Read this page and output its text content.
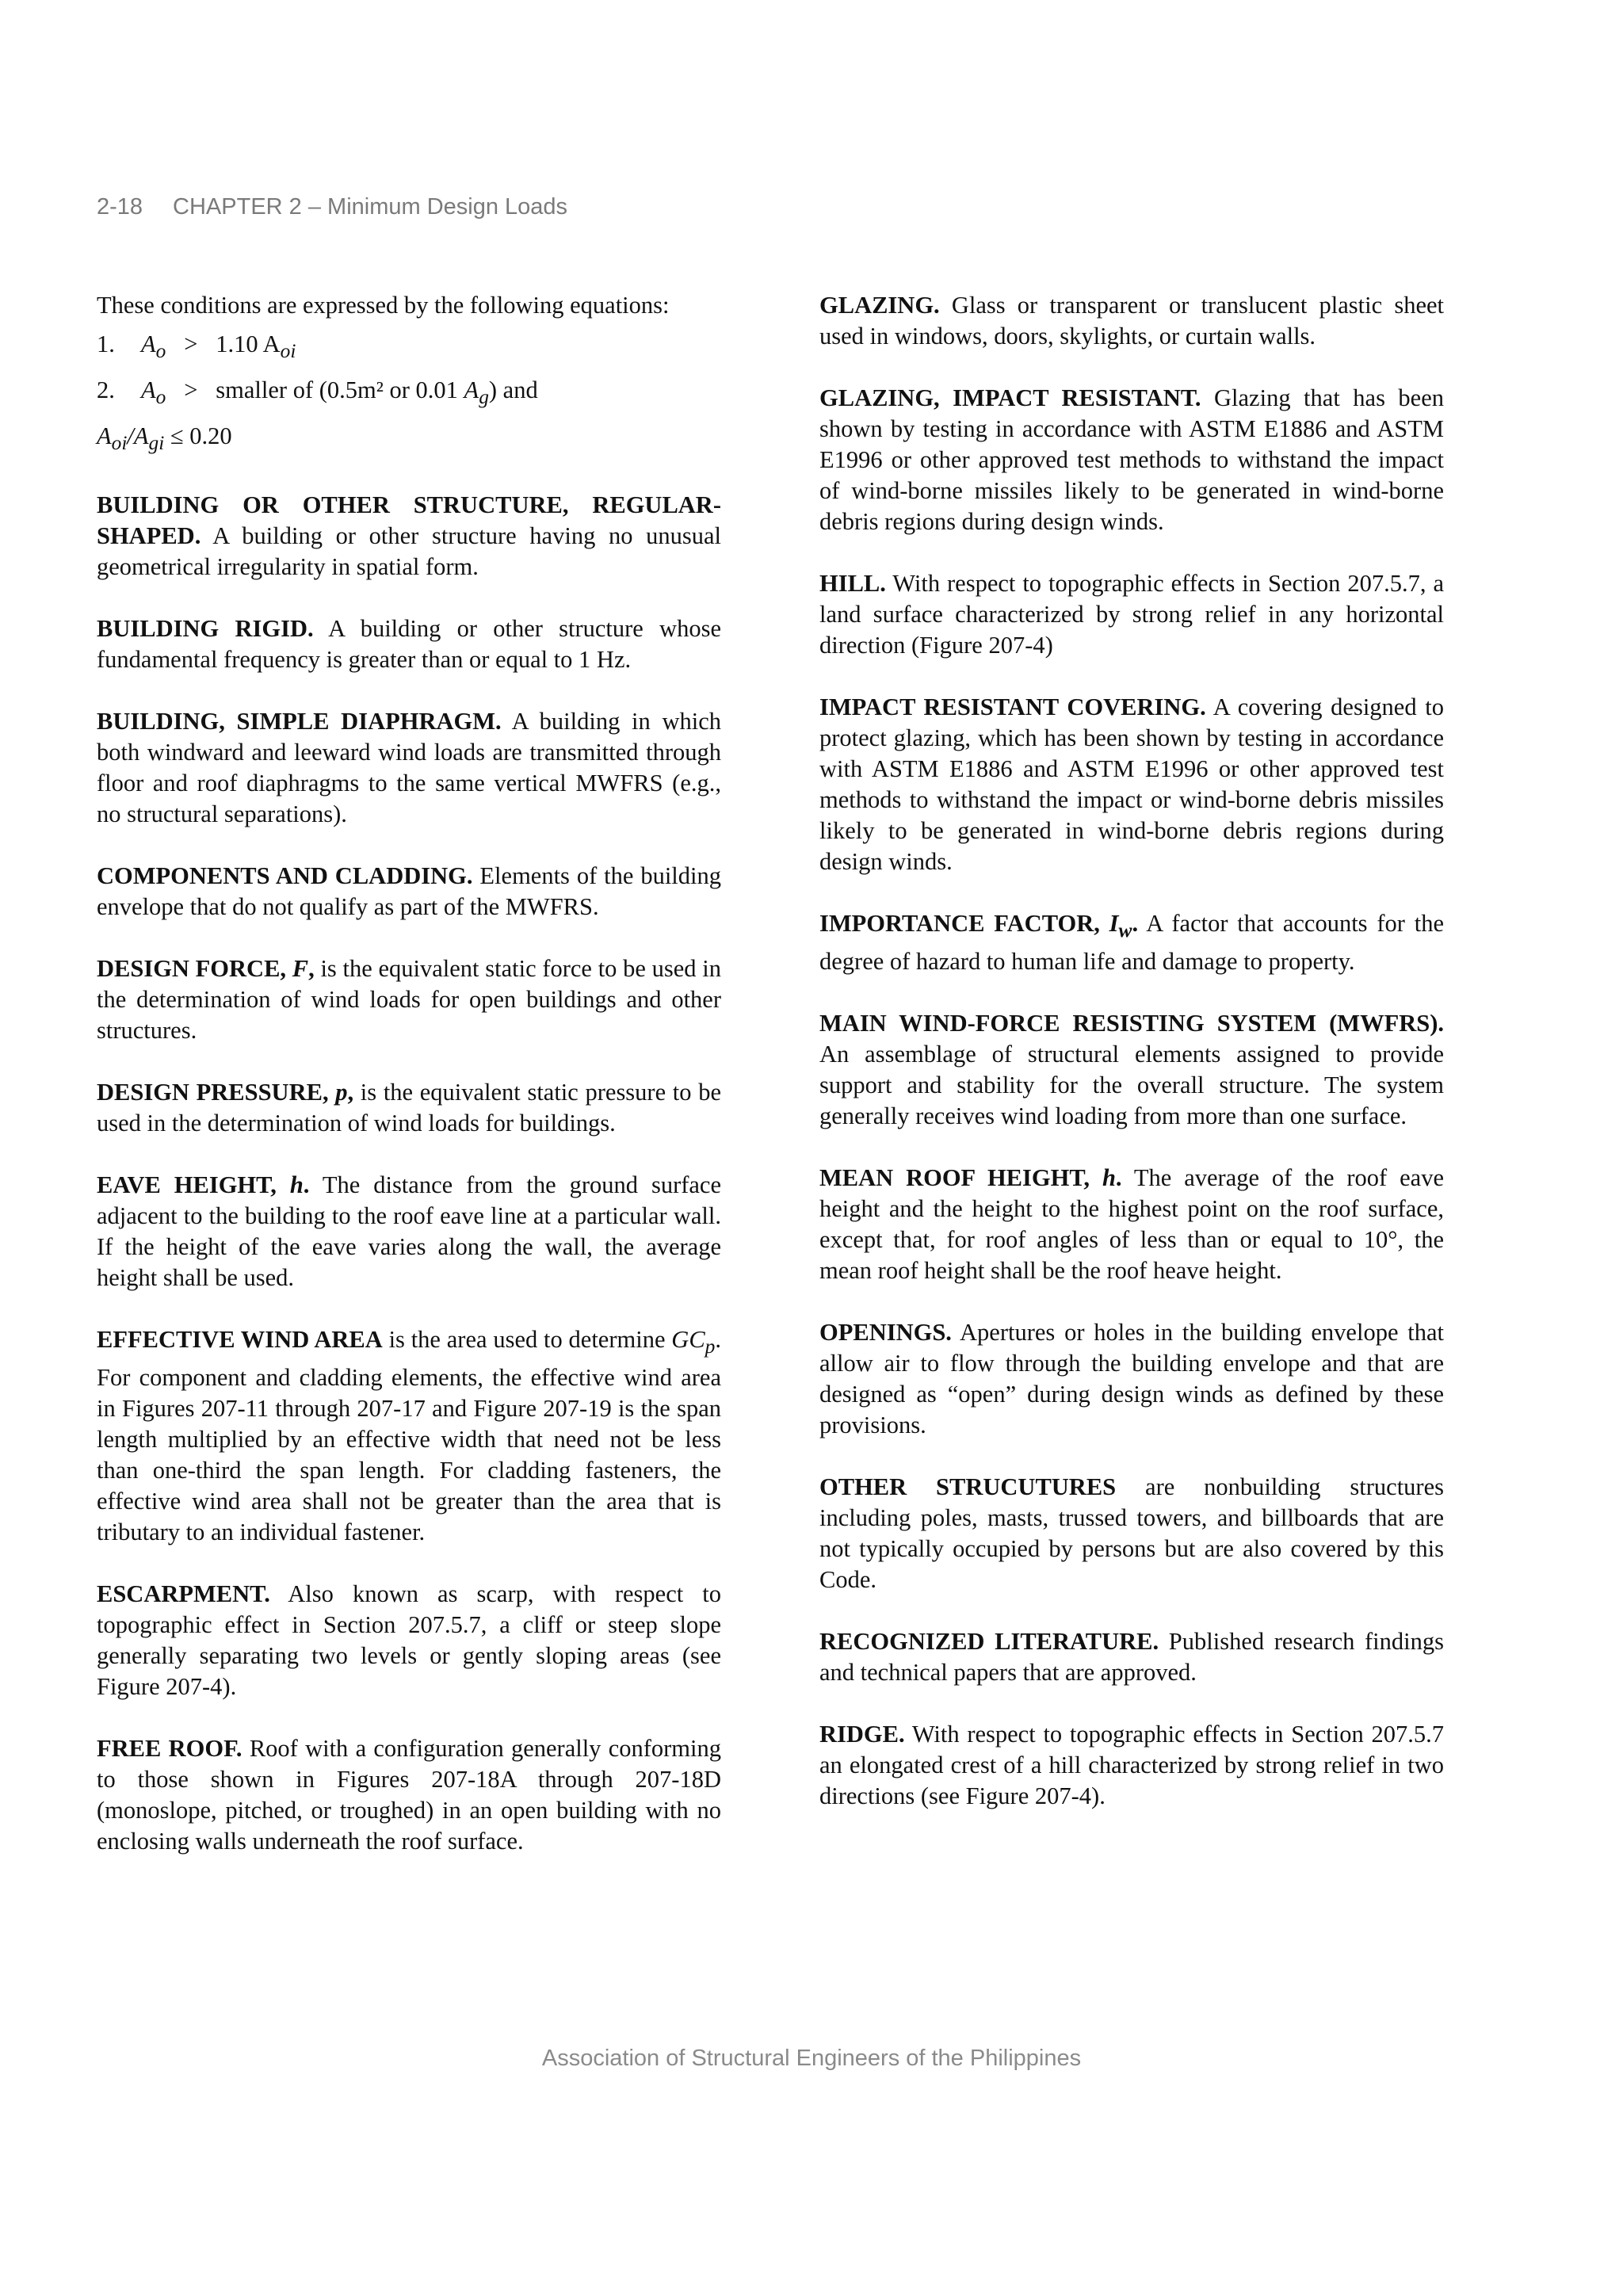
2-18 CHAPTER 2 – Minimum Design Loads

These conditions are expressed by the following equations:

1. $A_o > 1.10$ $A_{oi}$
2. $A_o$ > smaller of (0.5m² or 0.01 $A_g$) and
$A_{oi}/A_{gi} \le 0.20$

BUILDING OR OTHER STRUCTURE, REGULAR-SHAPED. A building or other structure having no unusual geometrical irregularity in spatial form.

BUILDING RIGID. A building or other structure whose fundamental frequency is greater than or equal to 1 Hz.

BUILDING, SIMPLE DIAPHRAGM. A building in which both windward and leeward wind loads are transmitted through floor and roof diaphragms to the same vertical MWFRS (e.g., no structural separations).

COMPONENTS AND CLADDING. Elements of the building envelope that do not qualify as part of the MWFRS.

DESIGN FORCE, F, is the equivalent static force to be used in the determination of wind loads for open buildings and other structures.

DESIGN PRESSURE, p, is the equivalent static pressure to be used in the determination of wind loads for buildings.

EAVE HEIGHT, h. The distance from the ground surface adjacent to the building to the roof eave line at a particular wall. If the height of the eave varies along the wall, the average height shall be used.

EFFECTIVE WIND AREA is the area used to determine $GC_p$. For component and cladding elements, the effective wind area in Figures 207-11 through 207-17 and Figure 207-19 is the span length multiplied by an effective width that need not be less than one-third the span length. For cladding fasteners, the effective wind area shall not be greater than the area that is tributary to an individual fastener.

ESCARPMENT. Also known as scarp, with respect to topographic effect in Section 207.5.7, a cliff or steep slope generally separating two levels or gently sloping areas (see Figure 207-4).

FREE ROOF. Roof with a configuration generally conforming to those shown in Figures 207-18A through 207-18D (monoslope, pitched, or troughed) in an open building with no enclosing walls underneath the roof surface.

GLAZING. Glass or transparent or translucent plastic sheet used in windows, doors, skylights, or curtain walls.

GLAZING, IMPACT RESISTANT. Glazing that has been shown by testing in accordance with ASTM E1886 and ASTM E1996 or other approved test methods to withstand the impact of wind-borne missiles likely to be generated in wind-borne debris regions during design winds.

HILL. With respect to topographic effects in Section 207.5.7, a land surface characterized by strong relief in any horizontal direction (Figure 207-4)

IMPACT RESISTANT COVERING. A covering designed to protect glazing, which has been shown by testing in accordance with ASTM E1886 and ASTM E1996 or other approved test methods to withstand the impact or wind-borne debris missiles likely to be generated in wind-borne debris regions during design winds.

IMPORTANCE FACTOR, $I_w$. A factor that accounts for the degree of hazard to human life and damage to property.

MAIN WIND-FORCE RESISTING SYSTEM (MWFRS). An assemblage of structural elements assigned to provide support and stability for the overall structure. The system generally receives wind loading from more than one surface.

MEAN ROOF HEIGHT, h. The average of the roof eave height and the height to the highest point on the roof surface, except that, for roof angles of less than or equal to 10°, the mean roof height shall be the roof heave height.

OPENINGS. Apertures or holes in the building envelope that allow air to flow through the building envelope and that are designed as “open” during design winds as defined by these provisions.

OTHER STRUCUTURES are nonbuilding structures including poles, masts, trussed towers, and billboards that are not typically occupied by persons but are also covered by this Code.

RECOGNIZED LITERATURE. Published research findings and technical papers that are approved.

RIDGE. With respect to topographic effects in Section 207.5.7 an elongated crest of a hill characterized by strong relief in two directions (see Figure 207-4).

Association of Structural Engineers of the Philippines
